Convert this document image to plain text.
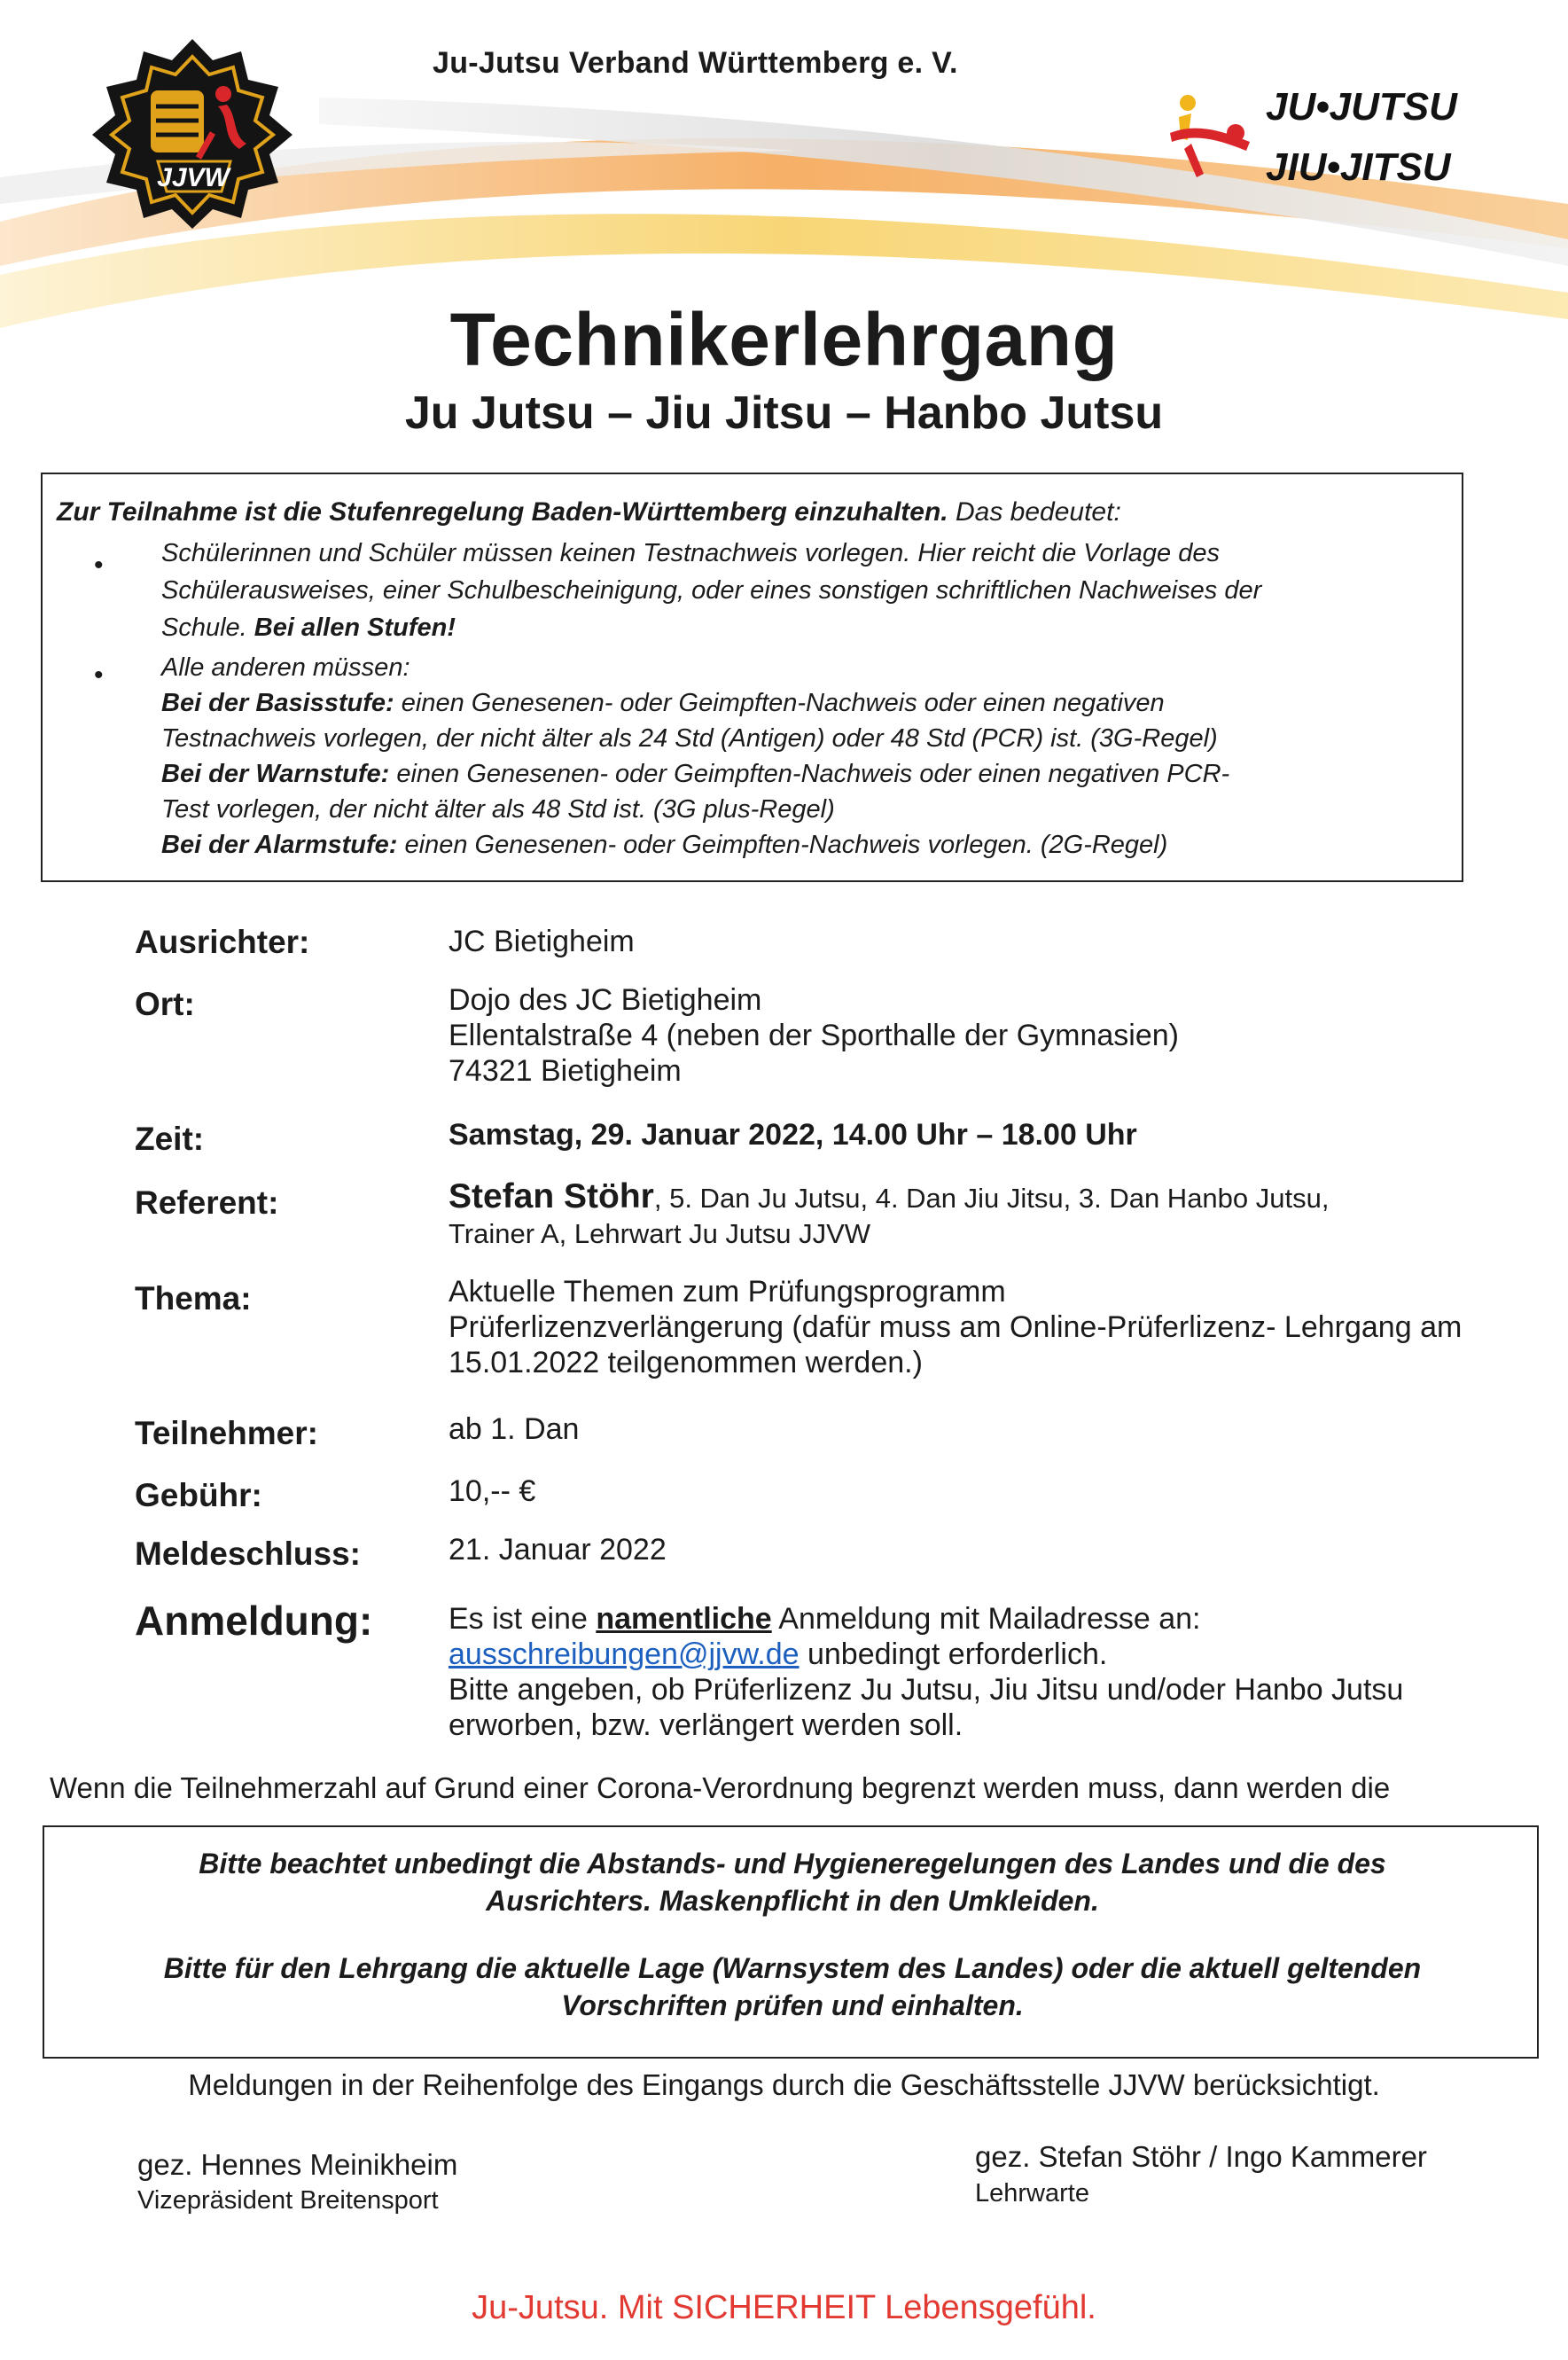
Ju-Jutsu Verband Württemberg e. V.
JJVW
JU•JUTSU
JIU•JITSU
Technikerlehrgang
Ju Jutsu – Jiu Jitsu – Hanbo Jutsu
Zur Teilnahme ist die Stufenregelung Baden-Württemberg einzuhalten. Das bedeutet:
• Schülerinnen und Schüler müssen keinen Testnachweis vorlegen. Hier reicht die Vorlage des
Schülerausweises, einer Schulbescheinigung, oder eines sonstigen schriftlichen Nachweises der
Schule. Bei allen Stufen!
• Alle anderen müssen:
Bei der Basisstufe: einen Genesenen- oder Geimpften-Nachweis oder einen negativen
Testnachweis vorlegen, der nicht älter als 24 Std (Antigen) oder 48 Std (PCR) ist. (3G-Regel)
Bei der Warnstufe: einen Genesenen- oder Geimpften-Nachweis oder einen negativen PCR-
Test vorlegen, der nicht älter als 48 Std ist. (3G plus-Regel)
Bei der Alarmstufe: einen Genesenen- oder Geimpften-Nachweis vorlegen. (2G-Regel)
Ausrichter:	JC Bietigheim
Ort:	Dojo des JC Bietigheim
Ellentalstraße 4 (neben der Sporthalle der Gymnasien)
74321 Bietigheim
Zeit:	Samstag, 29. Januar 2022, 14.00 Uhr – 18.00 Uhr
Referent:	Stefan Stöhr, 5. Dan Ju Jutsu, 4. Dan Jiu Jitsu, 3. Dan Hanbo Jutsu,
Trainer A, Lehrwart Ju Jutsu JJVW
Thema:	Aktuelle Themen zum Prüfungsprogramm
Prüferlizenzverlängerung (dafür muss am Online-Prüferlizenz- Lehrgang am
15.01.2022 teilgenommen werden.)
Teilnehmer:	ab 1. Dan
Gebühr:	10,-- €
Meldeschluss:	21. Januar 2022
Anmeldung:	Es ist eine namentliche Anmeldung mit Mailadresse an:
ausschreibungen@jjvw.de unbedingt erforderlich.
Bitte angeben, ob Prüferlizenz Ju Jutsu, Jiu Jitsu und/oder Hanbo Jutsu
erworben, bzw. verlängert werden soll.
Wenn die Teilnehmerzahl auf Grund einer Corona-Verordnung begrenzt werden muss, dann werden die
Bitte beachtet unbedingt die Abstands- und Hygieneregelungen des Landes und die des
Ausrichters. Maskenpflicht in den Umkleiden.
Bitte für den Lehrgang die aktuelle Lage (Warnsystem des Landes) oder die aktuell geltenden
Vorschriften prüfen und einhalten.
Meldungen in der Reihenfolge des Eingangs durch die Geschäftsstelle JJVW berücksichtigt.
gez. Hennes Meinikheim
Vizepräsident Breitensport
gez. Stefan Stöhr / Ingo Kammerer
Lehrwarte
Ju-Jutsu. Mit SICHERHEIT Lebensgefühl.
